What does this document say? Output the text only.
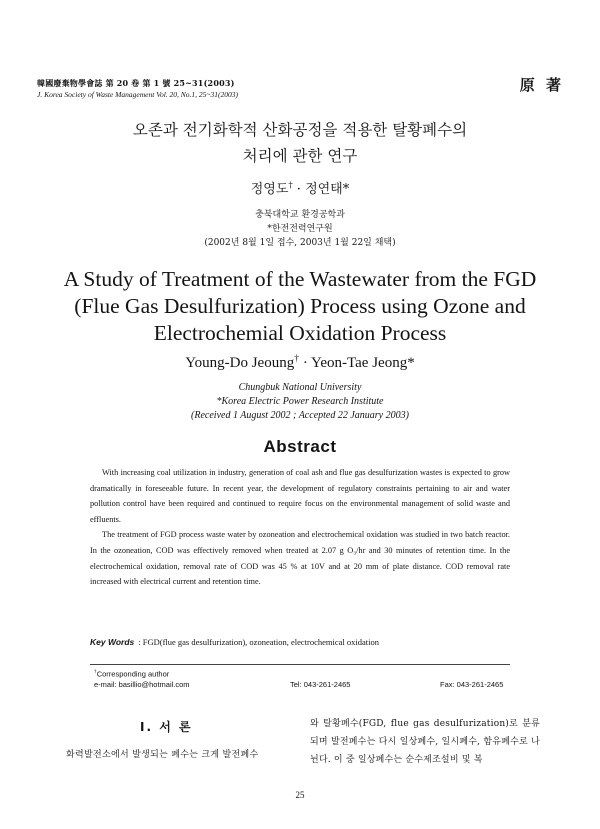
韓國廢棄物學會誌 第 20 卷 第 1 號 25~31(2003)
J. Korea Society of Waste Management Vol. 20, No.1, 25~31(2003)
原 著
오존과 전기화학적 산화공정을 적용한 탈황폐수의
처리에 관한 연구
정영도† · 정연태*
충북대학교 환경공학과
*한전전력연구원
(2002년 8월 1일 접수, 2003년 1월 22일 채택)
A Study of Treatment of the Wastewater from the FGD
(Flue Gas Desulfurization) Process using Ozone and
Electrochemial Oxidation Process
Young-Do Jeoung† · Yeon-Tae Jeong*
Chungbuk National University
*Korea Electric Power Research Institute
(Received 1 August 2002 ; Accepted 22 January 2003)
Abstract

With increasing coal utilization in industry, generation of coal ash and flue gas desulfurization wastes is expected to grow dramatically in foreseeable future. In recent year, the development of regulatory constraints pertaining to air and water pollution control have been required and continued to require focus on the environmental management of solid waste and effluents.

The treatment of FGD process waste water by ozoneation and electrochemical oxidation was studied in two batch reactor. In the ozoneation, COD was effectively removed when treated at 2.07 g O₃/hr and 30 minutes of retention time. In the electrochemical oxidation, removal rate of COD was 45 % at 10V and at 20 mm of plate distance. COD removal rate increased with electrical current and retention time.

Key Words : FGD(flue gas desulfurization), ozoneation, electrochemical oxidation
†Corresponding author
e-mail: basillio@hotmail.com	Tel: 043-261-2465	Fax: 043-261-2465
Ⅰ. 서 론
화력발전소에서 발생되는 폐수는 크게 발전폐수
와 탈황폐수(FGD, flue gas desulfurization)로 분류되며 발전폐수는 다시 일상폐수, 일시폐수, 함유폐수로 나뉜다. 이 중 일상폐수는 순수제조설비 및 복
25
